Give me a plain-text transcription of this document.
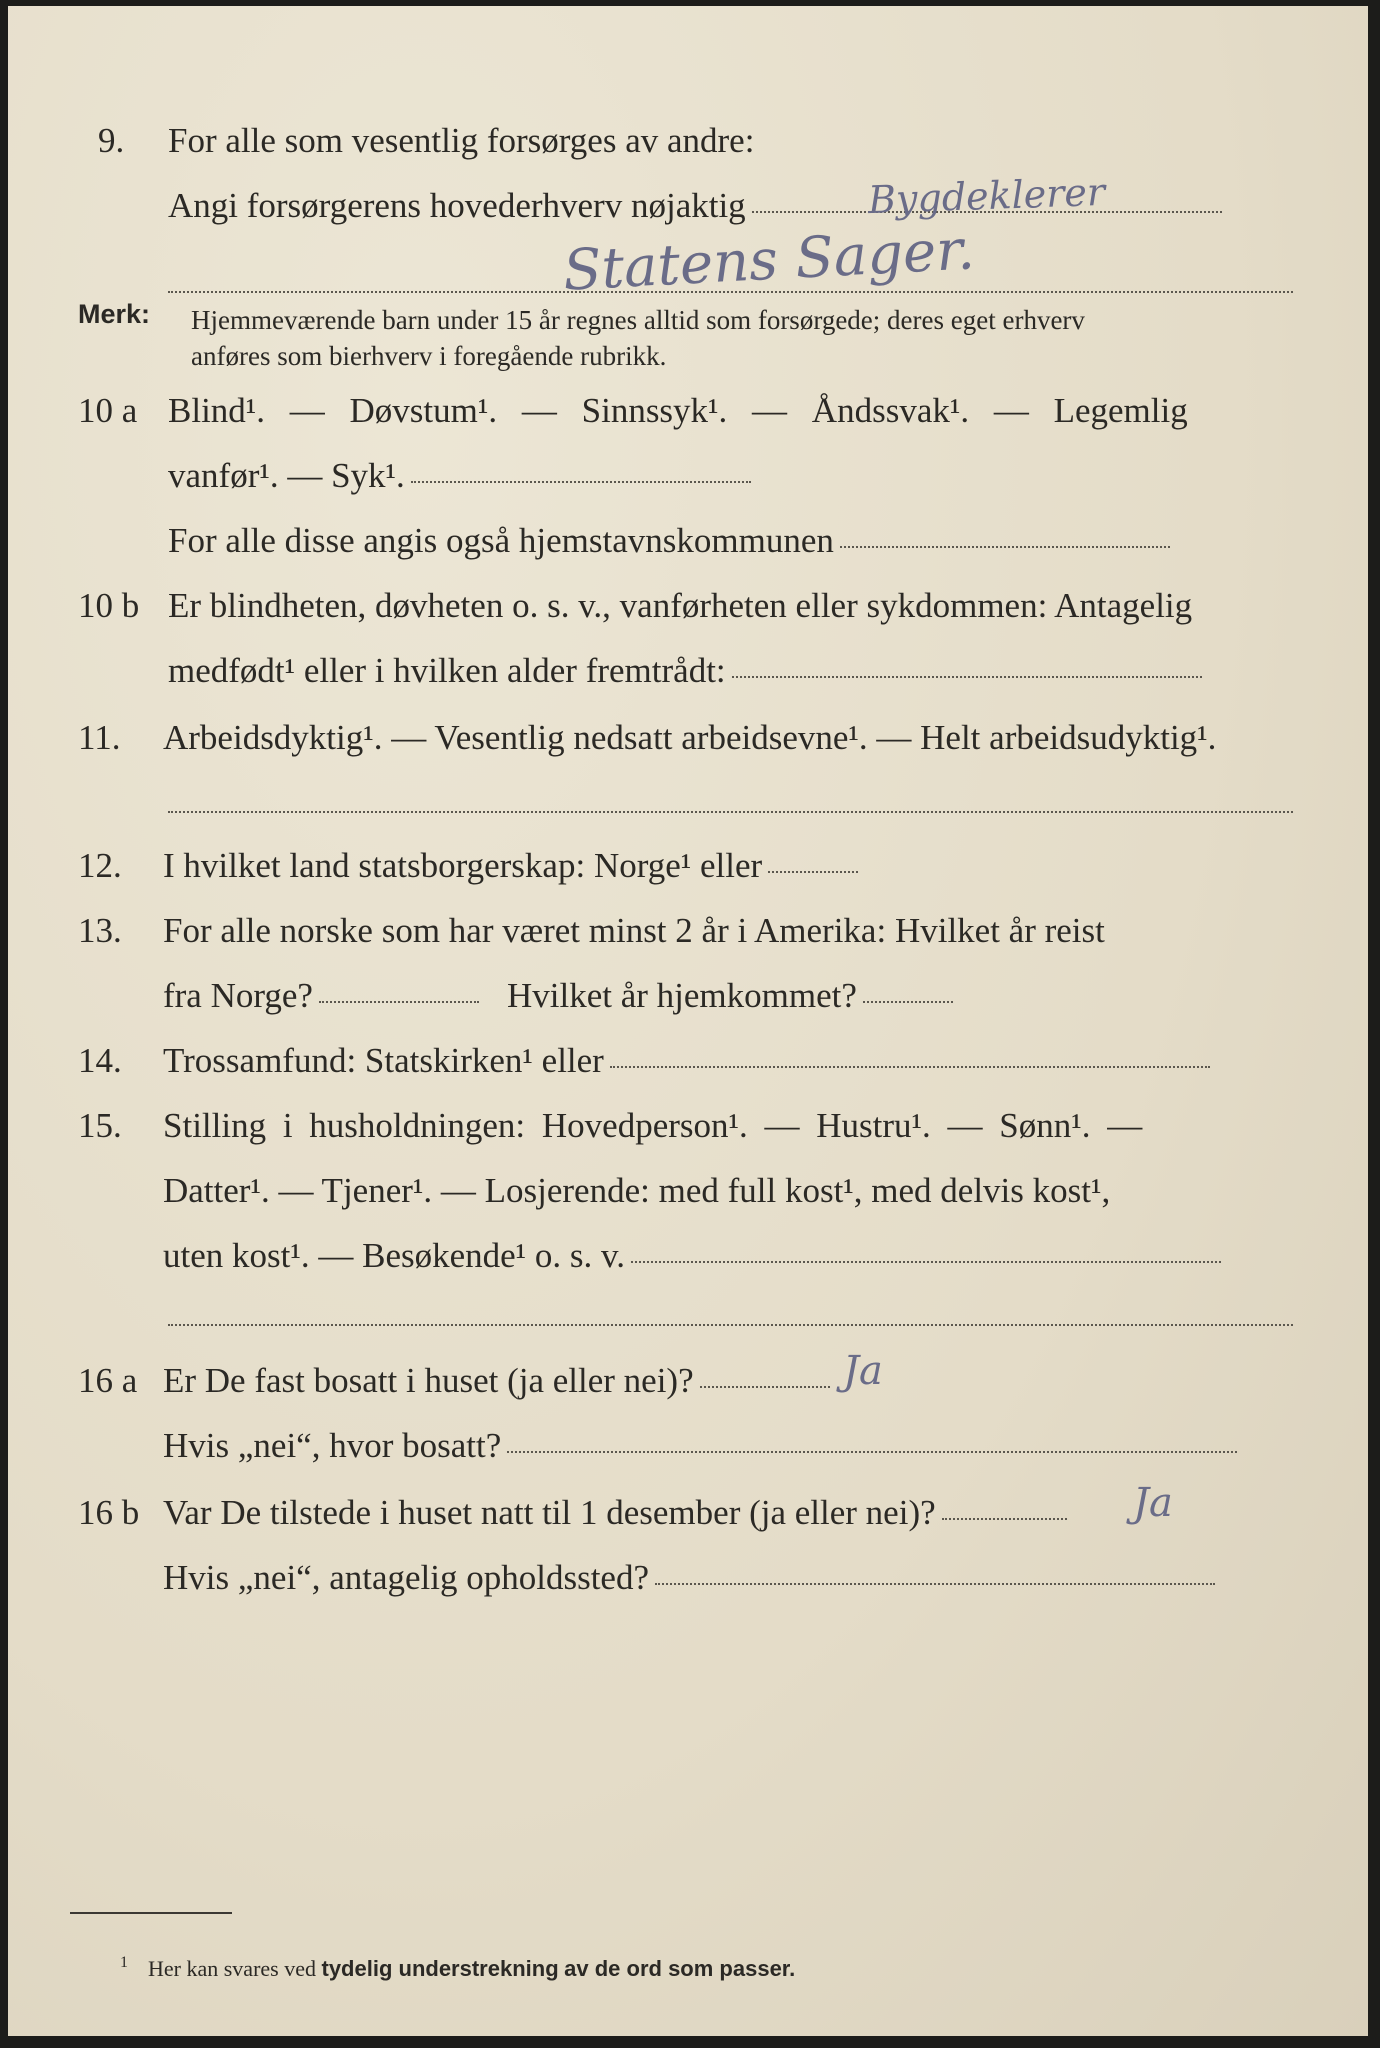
9. For alle som vesentlig forsørges av andre:
Angi forsørgerens hovederhverv nøjaktig	Bygdeklerer
Statens Sager.
Merk: Hjemmeværende barn under 15 år regnes alltid som forsørgede; deres eget erhverv
anføres som bierhverv i foregående rubrikk.
10 a Blind¹. — Døvstum¹. — Sinnssyk¹. — Åndssvak¹. — Legemlig
vanfør¹. — Syk¹.
For alle disse angis også hjemstavnskommunen
10 b Er blindheten, døvheten o. s. v., vanførheten eller sykdommen: Antagelig
medfødt¹ eller i hvilken alder fremtrådt:
11. Arbeidsdyktig¹. — Vesentlig nedsatt arbeidsevne¹. — Helt arbeidsudyktig¹.
12. I hvilket land statsborgerskap: Norge¹ eller
13. For alle norske som har været minst 2 år i Amerika: Hvilket år reist
fra Norge?	Hvilket år hjemkommet?
14. Trossamfund: Statskirken¹ eller
15. Stilling i husholdningen: Hovedperson¹. — Hustru¹. — Sønn¹. —
Datter¹. — Tjener¹. — Losjerende: med full kost¹, med delvis kost¹,
uten kost¹. — Besøkende¹ o. s. v.
16 a Er De fast bosatt i huset (ja eller nei)?	Ja
Hvis „nei“, hvor bosatt?
16 b Var De tilstede i huset natt til 1 desember (ja eller nei)?	Ja
Hvis „nei“, antagelig opholdssted?
1 Her kan svares ved tydelig understrekning av de ord som passer.
